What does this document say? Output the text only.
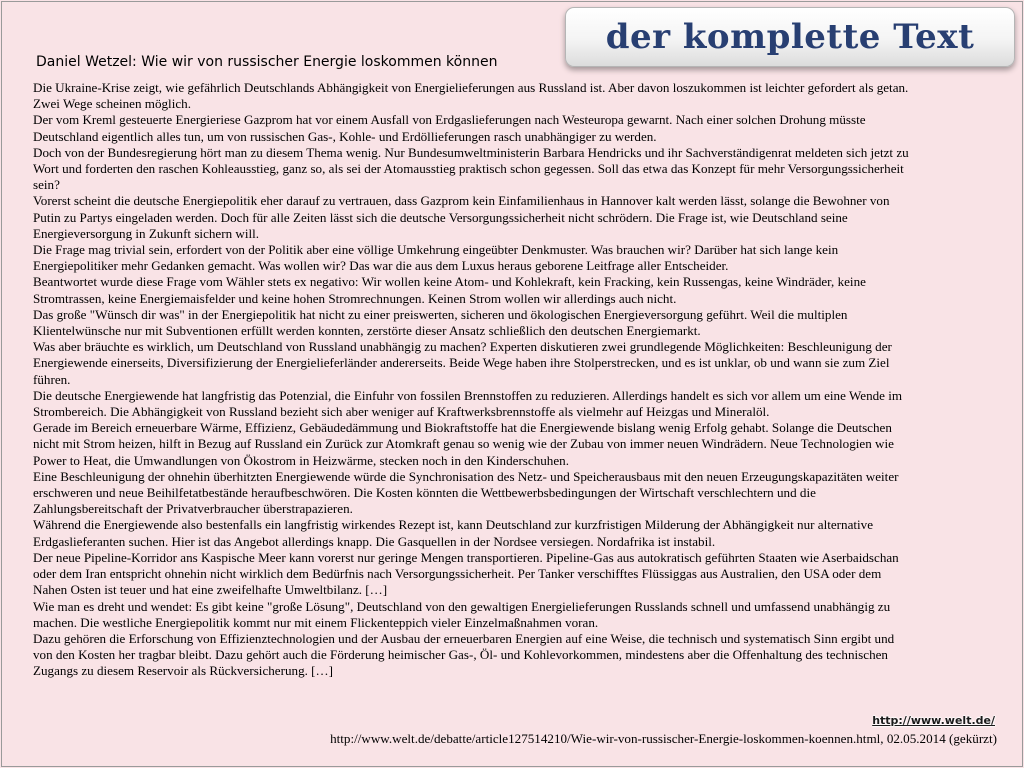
der komplette Text
Daniel Wetzel: Wie wir von russischer Energie loskommen können
Die Ukraine-Krise zeigt, wie gefährlich Deutschlands Abhängigkeit von Energielieferungen aus Russland ist. Aber davon loszukommen ist leichter gefordert als getan.
Zwei Wege scheinen möglich.
Der vom Kreml gesteuerte Energieriese Gazprom hat vor einem Ausfall von Erdgaslieferungen nach Westeuropa gewarnt. Nach einer solchen Drohung müsste
Deutschland eigentlich alles tun, um von russischen Gas-, Kohle- und Erdöllieferungen rasch unabhängiger zu werden.
Doch von der Bundesregierung hört man zu diesem Thema wenig. Nur Bundesumweltministerin Barbara Hendricks und ihr Sachverständigenrat meldeten sich jetzt zu
Wort und forderten den raschen Kohleausstieg, ganz so, als sei der Atomausstieg praktisch schon gegessen. Soll das etwa das Konzept für mehr Versorgungssicherheit
sein?
Vorerst scheint die deutsche Energiepolitik eher darauf zu vertrauen, dass Gazprom kein Einfamilienhaus in Hannover kalt werden lässt, solange die Bewohner von
Putin zu Partys eingeladen werden. Doch für alle Zeiten lässt sich die deutsche Versorgungssicherheit nicht schrödern. Die Frage ist, wie Deutschland seine
Energieversorgung in Zukunft sichern will.
Die Frage mag trivial sein, erfordert von der Politik aber eine völlige Umkehrung eingeübter Denkmuster. Was brauchen wir? Darüber hat sich lange kein
Energiepolitiker mehr Gedanken gemacht. Was wollen wir? Das war die aus dem Luxus heraus geborene Leitfrage aller Entscheider.
Beantwortet wurde diese Frage vom Wähler stets ex negativo: Wir wollen keine Atom- und Kohlekraft, kein Fracking, kein Russengas, keine Windräder, keine
Stromtrassen, keine Energiemaisfelder und keine hohen Stromrechnungen. Keinen Strom wollen wir allerdings auch nicht.
Das große "Wünsch dir was" in der Energiepolitik hat nicht zu einer preiswerten, sicheren und ökologischen Energieversorgung geführt. Weil die multiplen
Klientelwünsche nur mit Subventionen erfüllt werden konnten, zerstörte dieser Ansatz schließlich den deutschen Energiemarkt.
Was aber bräuchte es wirklich, um Deutschland von Russland unabhängig zu machen? Experten diskutieren zwei grundlegende Möglichkeiten: Beschleunigung der
Energiewende einerseits, Diversifizierung der Energielieferländer andererseits. Beide Wege haben ihre Stolperstrecken, und es ist unklar, ob und wann sie zum Ziel
führen.
Die deutsche Energiewende hat langfristig das Potenzial, die Einfuhr von fossilen Brennstoffen zu reduzieren. Allerdings handelt es sich vor allem um eine Wende im
Strombereich. Die Abhängigkeit von Russland bezieht sich aber weniger auf Kraftwerksbrennstoffe als vielmehr auf Heizgas und Mineralöl.
Gerade im Bereich erneuerbare Wärme, Effizienz, Gebäudedämmung und Biokraftstoffe hat die Energiewende bislang wenig Erfolg gehabt. Solange die Deutschen
nicht mit Strom heizen, hilft in Bezug auf Russland ein Zurück zur Atomkraft genau so wenig wie der Zubau von immer neuen Windrädern. Neue Technologien wie
Power to Heat, die Umwandlungen von Ökostrom in Heizwärme, stecken noch in den Kinderschuhen.
Eine Beschleunigung der ohnehin überhitzten Energiewende würde die Synchronisation des Netz- und Speicherausbaus mit den neuen Erzeugungskapazitäten weiter
erschweren und neue Beihilfetatbestände heraufbeschwören. Die Kosten könnten die Wettbewerbsbedingungen der Wirtschaft verschlechtern und die
Zahlungsbereitschaft der Privatverbraucher überstrapazieren.
Während die Energiewende also bestenfalls ein langfristig wirkendes Rezept ist, kann Deutschland zur kurzfristigen Milderung der Abhängigkeit nur alternative
Erdgaslieferanten suchen. Hier ist das Angebot allerdings knapp. Die Gasquellen in der Nordsee versiegen. Nordafrika ist instabil.
Der neue Pipeline-Korridor ans Kaspische Meer kann vorerst nur geringe Mengen transportieren. Pipeline-Gas aus autokratisch geführten Staaten wie Aserbaidschan
oder dem Iran entspricht ohnehin nicht wirklich dem Bedürfnis nach Versorgungssicherheit. Per Tanker verschifftes Flüssiggas aus Australien, den USA oder dem
Nahen Osten ist teuer und hat eine zweifelhafte Umweltbilanz. […]
Wie man es dreht und wendet: Es gibt keine "große Lösung", Deutschland von den gewaltigen Energielieferungen Russlands schnell und umfassend unabhängig zu
machen. Die westliche Energiepolitik kommt nur mit einem Flickenteppich vieler Einzelmaßnahmen voran.
Dazu gehören die Erforschung von Effizienztechnologien und der Ausbau der erneuerbaren Energien auf eine Weise, die technisch und systematisch Sinn ergibt und
von den Kosten her tragbar bleibt. Dazu gehört auch die Förderung heimischer Gas-, Öl- und Kohlevorkommen, mindestens aber die Offenhaltung des technischen
Zugangs zu diesem Reservoir als Rückversicherung. […]
http://www.welt.de/
http://www.welt.de/debatte/article127514210/Wie-wir-von-russischer-Energie-loskommen-koennen.html, 02.05.2014 (gekürzt)
